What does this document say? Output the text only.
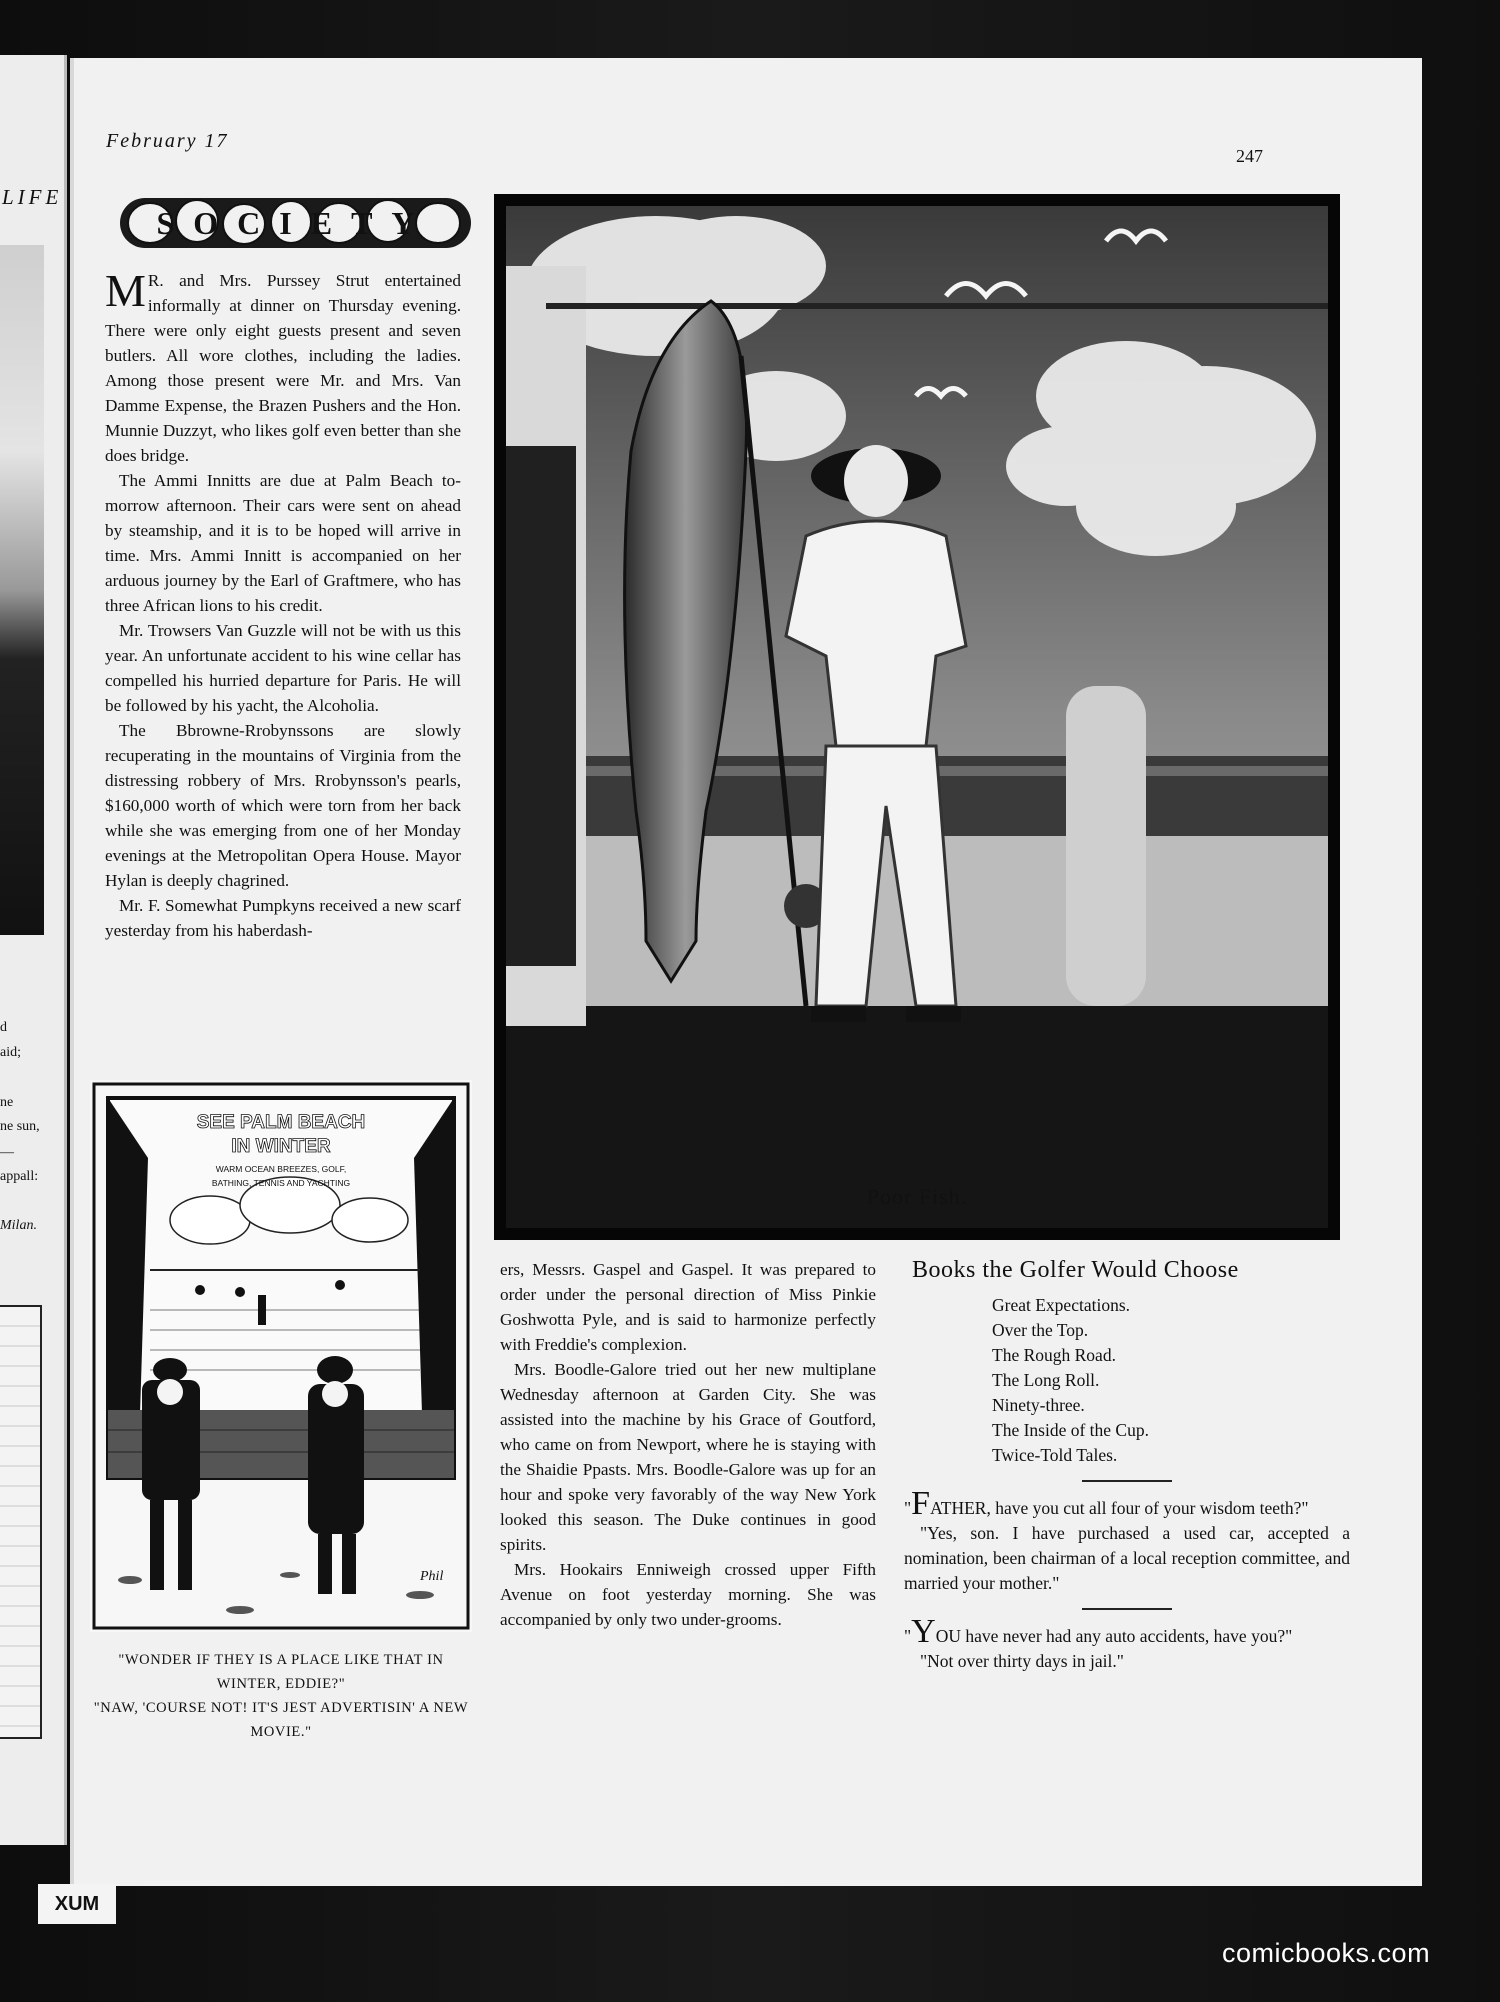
LIFE
d
aid;
ne
ne sun,
—
appall:
Milan.
February 17
247
SOCIETY

M R. and Mrs. Purssey Strut entertained informally at dinner on Thursday evening. There were only eight guests present and seven butlers. All wore clothes, including the ladies. Among those present were Mr. and Mrs. Van Damme Expense, the Brazen Pushers and the Hon. Munnie Duzzyt, who likes golf even better than she does bridge.

The Ammi Innitts are due at Palm Beach to-morrow afternoon. Their cars were sent on ahead by steamship, and it is to be hoped will arrive in time. Mrs. Ammi Innitt is accompanied on her arduous journey by the Earl of Graftmere, who has three African lions to his credit.

Mr. Trowsers Van Guzzle will not be with us this year. An unfortunate accident to his wine cellar has compelled his hurried departure for Paris. He will be followed by his yacht, the Alcoholia.

The Bbrowne-Rrobynssons are slowly recuperating in the mountains of Virginia from the distressing robbery of Mrs. Rrobynsson's pearls, $160,000 worth of which were torn from her back while she was emerging from one of her Monday evenings at the Metropolitan Opera House. Mayor Hylan is deeply chagrined.

Mr. F. Somewhat Pumpkyns received a new scarf yesterday from his haberdash-

Poor Fish.

ers, Messrs. Gaspel and Gaspel. It was prepared to order under the personal direction of Miss Pinkie Goshwotta Pyle, and is said to harmonize perfectly with Freddie's complexion.

Mrs. Boodle-Galore tried out her new multiplane Wednesday afternoon at Garden City. She was assisted into the machine by his Grace of Goutford, who came on from Newport, where he is staying with the Shaidie Ppasts. Mrs. Boodle-Galore was up for an hour and spoke very favorably of the way New York looked this season. The Duke continues in good spirits.

Mrs. Hookairs Enniweigh crossed upper Fifth Avenue on foot yesterday morning. She was accompanied by only two under-grooms.

Books the Golfer Would Choose
Great Expectations.
Over the Top.
The Rough Road.
The Long Roll.
Ninety-three.
The Inside of the Cup.
Twice-Told Tales.

"FATHER, have you cut all four of your wisdom teeth?"

"Yes, son. I have purchased a used car, accepted a nomination, been chairman of a local reception committee, and married your mother."

"YOU have never had any auto accidents, have you?"

"Not over thirty days in jail."

SEE PALM BEACH
IN WINTER
WARM OCEAN BREEZES, GOLF,
BATHING, TENNIS AND YACHTING
Phil

"WONDER IF THEY IS A PLACE LIKE THAT IN WINTER, EDDIE?"

"NAW, 'COURSE NOT! IT'S JEST ADVERTISIN' A NEW MOVIE."

XUM
comicbooks.com
